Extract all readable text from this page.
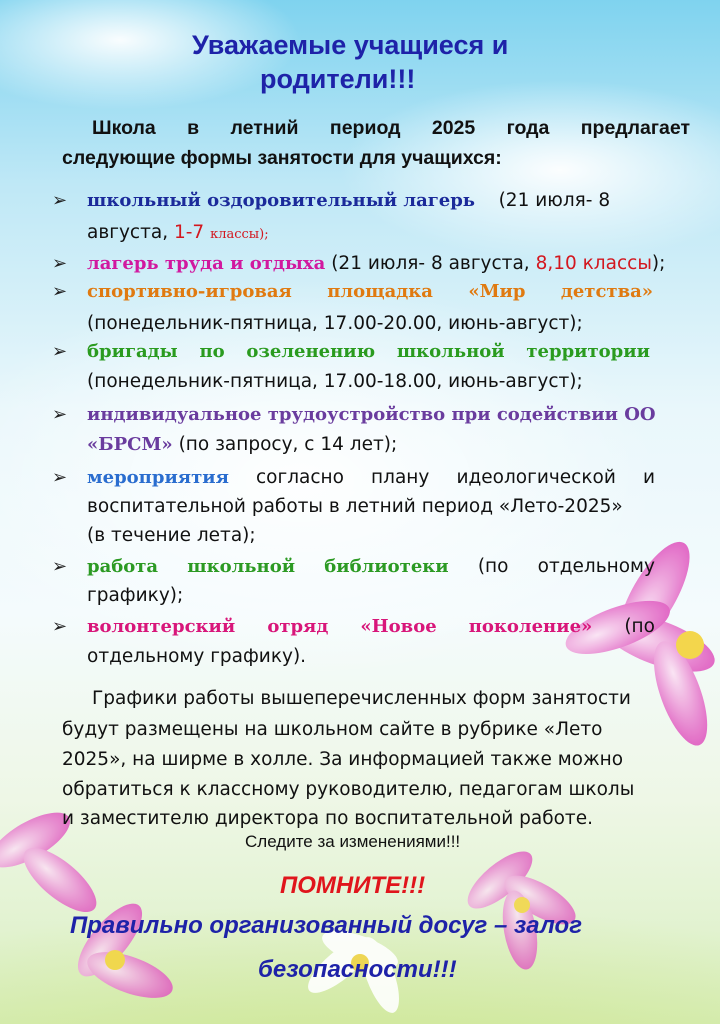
Уважаемые учащиеся и
родители!!!
Школа в летний период 2025 года предлагает
следующие формы занятости для учащихся:
➢ школьный оздоровительный лагерь (21 июля- 8
августа, 1-7 классы);
➢ лагерь труда и отдыха (21 июля- 8 августа, 8,10 классы);
➢ спортивно-игровая площадка «Мир детства»
(понедельник-пятница, 17.00-20.00, июнь-август);
➢ бригады по озеленению школьной территории
(понедельник-пятница, 17.00-18.00, июнь-август);
➢ индивидуальное трудоустройство при содействии ОО
«БРСМ» (по запросу, с 14 лет);
➢ мероприятия согласно плану идеологической и
воспитательной работы в летний период «Лето-2025»
(в течение лета);
➢ работа школьной библиотеки (по отдельному
графику);
➢ волонтерский отряд «Новое поколение» (по
отдельному графику).
Графики работы вышеперечисленных форм занятости
будут размещены на школьном сайте в рубрике «Лето
2025», на ширме в холле. За информацией также можно
обратиться к классному руководителю, педагогам школы
и заместителю директора по воспитательной работе.
Следите за изменениями!!!
ПОМНИТЕ!!!
Правильно организованный досуг – залог
безопасности!!!
